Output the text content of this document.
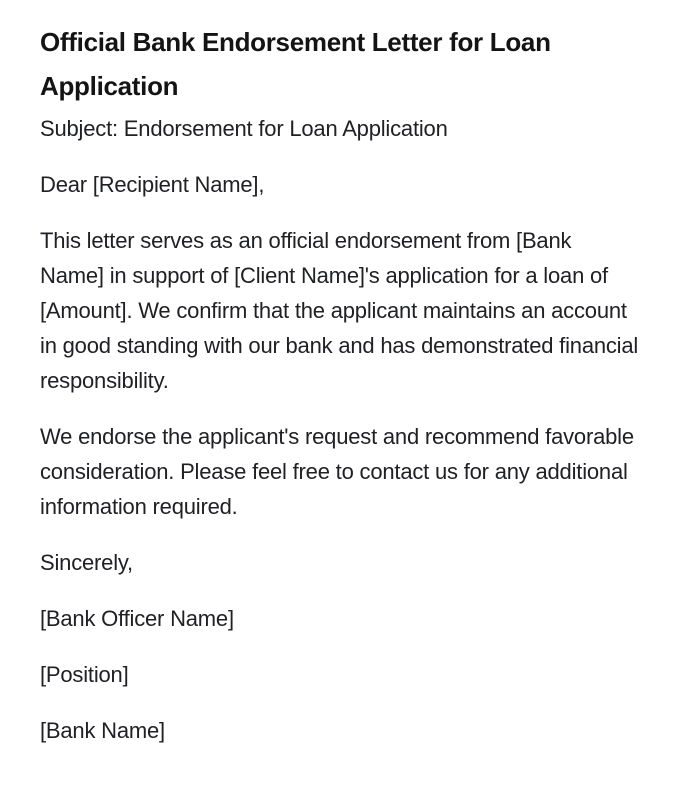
Official Bank Endorsement Letter for Loan
Application

Subject: Endorsement for Loan Application

Dear [Recipient Name],

This letter serves as an official endorsement from [Bank
Name] in support of [Client Name]'s application for a loan of
[Amount]. We confirm that the applicant maintains an account
in good standing with our bank and has demonstrated financial
responsibility.

We endorse the applicant's request and recommend favorable
consideration. Please feel free to contact us for any additional
information required.

Sincerely,

[Bank Officer Name]

[Position]

[Bank Name]
